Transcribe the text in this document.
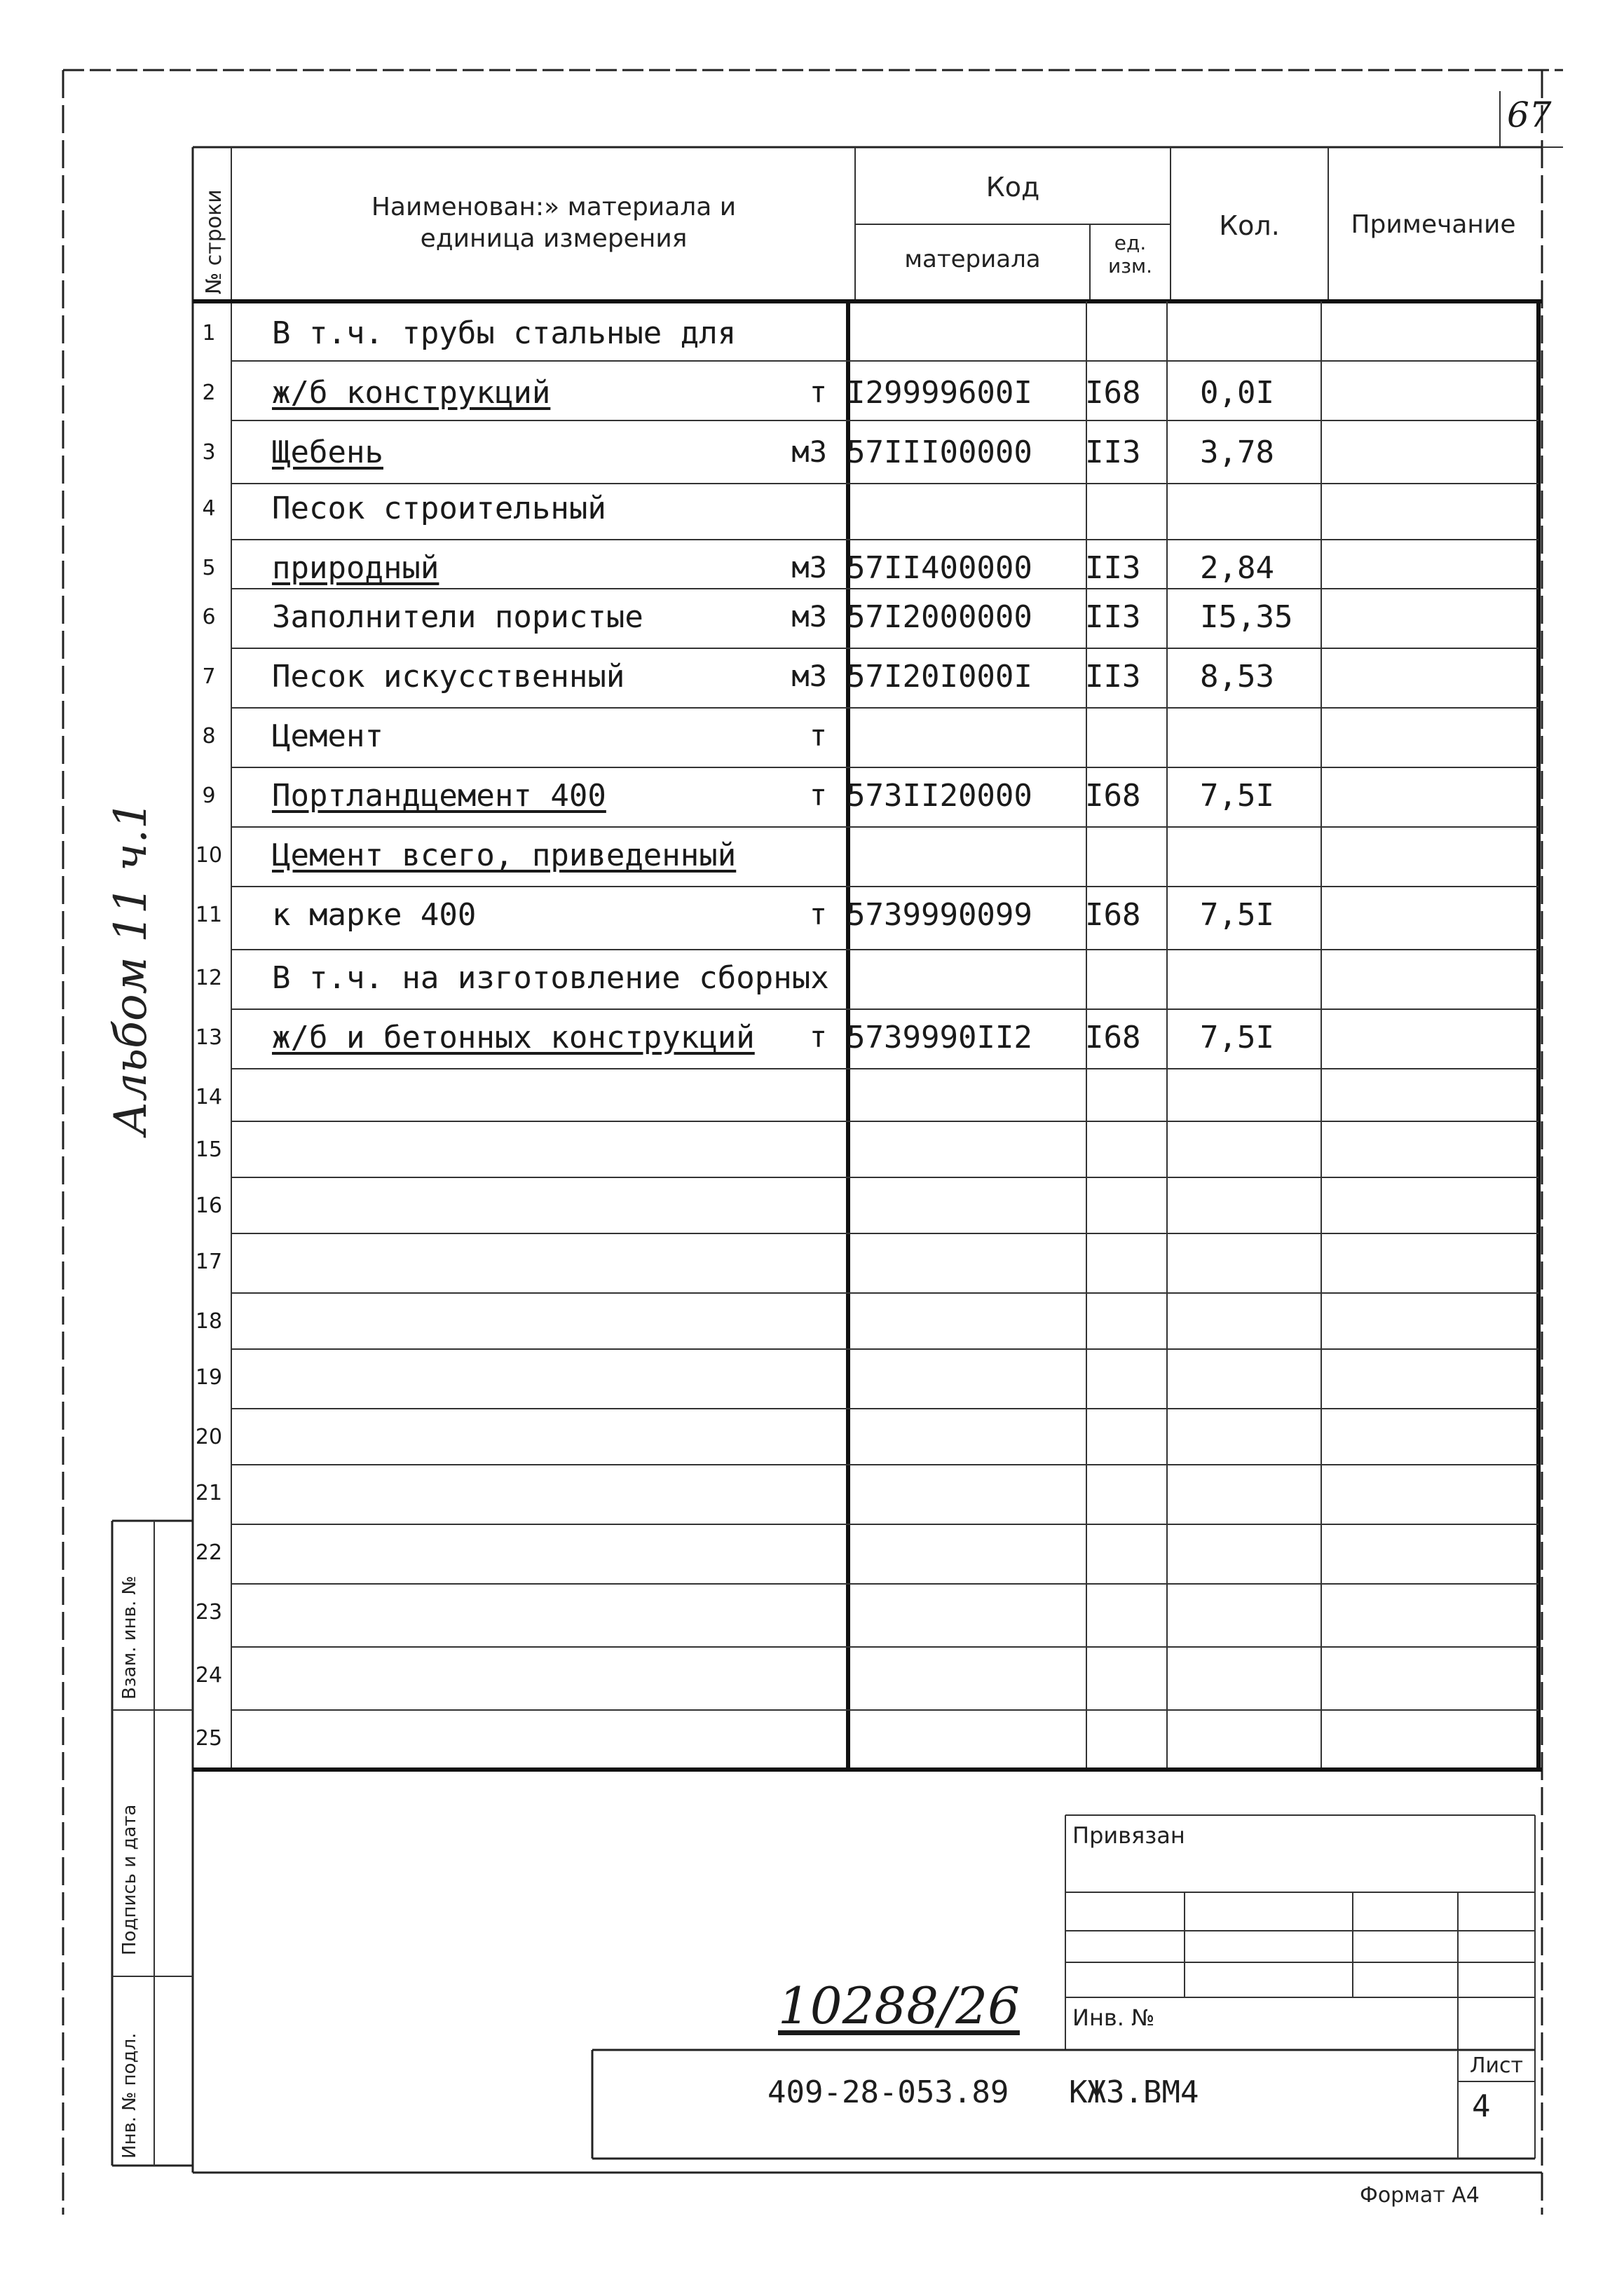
67
№ строки	Наименован:» материала и
единица измерения
Код
материала
ед.
изм.
Кол.	Примечание
1 В т.ч. трубы стальные для
2 ж/б конструкций	т I29999600I I68 0,0I
3 Щебень	м3 57III00000 II3 3,78
4 Песок строительный
5 природный	м3 57II400000 II3 2,84
6 Заполнители пористые	м3 57I2000000 II3 I5,35
7 Песок искусственный	м3 57I20I000I II3 8,53
8 Цемент	т
9 Портландцемент 400	т 573II20000 I68 7,5I
10 Цемент всего, приведенный
11 к марке 400	т 5739990099 I68 7,5I
12 В т.ч. на изготовление сборных
13 ж/б и бетонных конструкций	т 5739990II2 I68 7,5I
14
15
16
17
18
19
20
21
22
23
24
25
Альбом 11 ч.1
Взам. инв. №
Подпись и дата
Инв. № подл.
Привязан
Инв. №
10288/26
409-28-053.89 КЖЗ.ВМ4
Лист
4
Формат А4
